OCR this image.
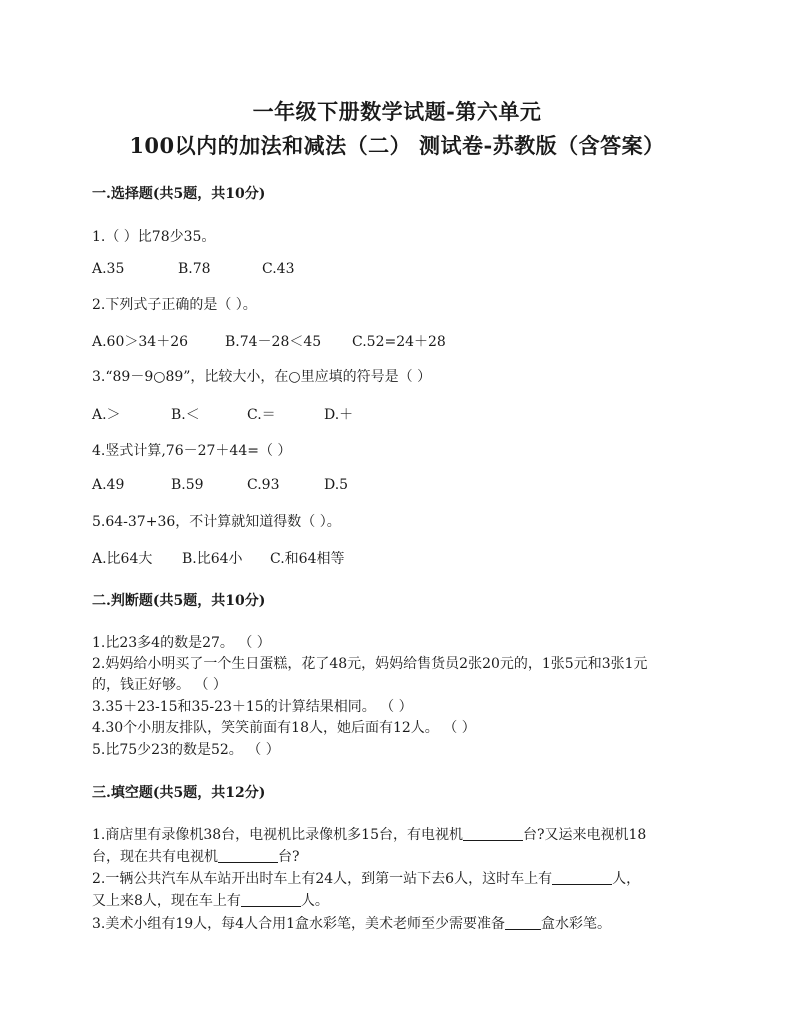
一年级下册数学试题-第六单元
100以内的加法和减法（二） 测试卷-苏教版（含答案）
一.选择题(共5题，共10分)
1.（ ）比78少35。
A.35	B.78	C.43
2.下列式子正确的是（ ）。
A.60＞34＋26	B.74－28＜45 C.52=24＋28
3.“89－9○89”，比较大小，在○里应填的符号是（ ）
A.＞	B.＜	C.＝	D.＋
4.竖式计算,76－27＋44=（ ）
A.49	B.59	C.93	D.5
5.64-37+36，不计算就知道得数（ ）。
A.比64大 B.比64小 C.和64相等
二.判断题(共5题，共10分)
1.比23多4的数是27。 （ ）
2.妈妈给小明买了一个生日蛋糕，花了48元，妈妈给售货员2张20元的，1张5元和3张1元
的，钱正好够。 （ ）
3.35＋23-15和35-23＋15的计算结果相同。 （ ）
4.30个小朋友排队，笑笑前面有18人，她后面有12人。 （ ）
5.比75少23的数是52。 （ ）
三.填空题(共5题，共12分)
1.商店里有录像机38台，电视机比录像机多15台，有电视机	台?又运来电视机18
台，现在共有电视机	台?
2.一辆公共汽车从车站开出时车上有24人，到第一站下去6人，这时车上有	人，
又上来8人，现在车上有	人。
3.美术小组有19人，每4人合用1盒水彩笔，美术老师至少需要准备	盒水彩笔。
